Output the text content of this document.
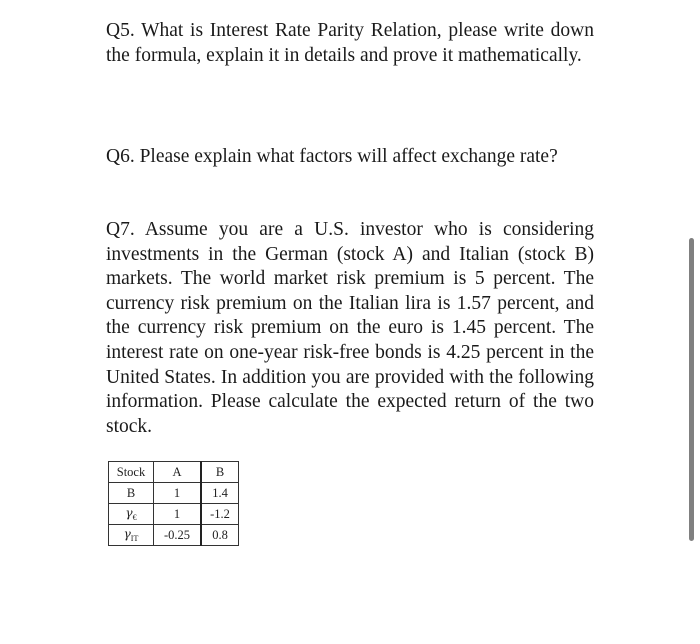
Q5. What is Interest Rate Parity Relation, please write down the formula, explain it in details and prove it mathematically.

Q6. Please explain what factors will affect exchange rate?

Q7. Assume you are a U.S. investor who is considering investments in the German (stock A) and Italian (stock B) markets. The world market risk premium is 5 percent. The currency risk premium on the Italian lira is 1.57 percent, and the currency risk premium on the euro is 1.45 percent. The interest rate on one-year risk-free bonds is 4.25 percent in the United States. In addition you are provided with the following information. Please calculate the expected return of the two stock.

Stock	A	B
B	1	1.4
$\gamma_€$	1	-1.2
$\gamma_{IT}$	-0.25	0.8
